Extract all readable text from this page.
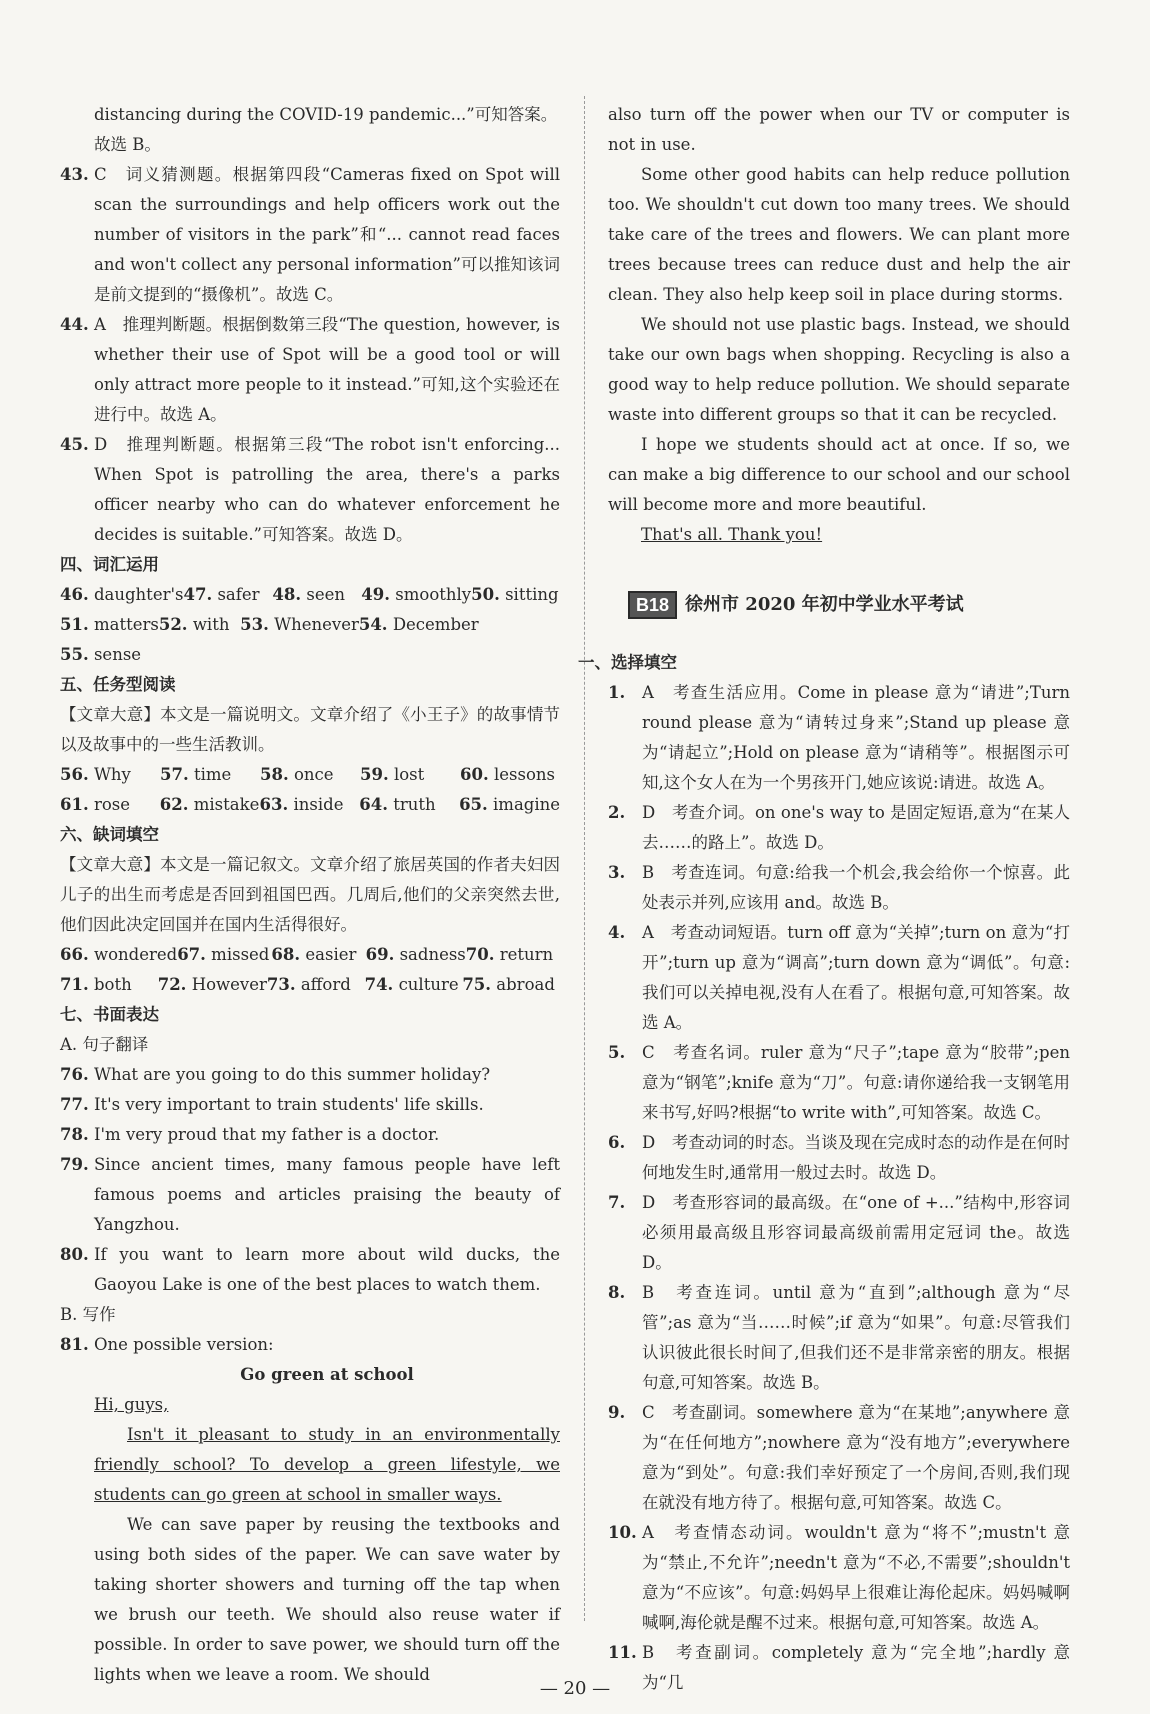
distancing during the COVID-19 pandemic...”可知答案。

故选 B。

43. C　词义猜测题。根据第四段“Cameras fixed on Spot will scan the surroundings and help officers work out the number of visitors in the park”和“... cannot read faces and won't collect any personal information”可以推知该词是前文提到的“摄像机”。故选 C。
44. A　推理判断题。根据倒数第三段“The question, however, is whether their use of Spot will be a good tool or will only attract more people to it instead.”可知,这个实验还在进行中。故选 A。
45. D　推理判断题。根据第三段“The robot isn't enforcing... When Spot is patrolling the area, there's a parks officer nearby who can do whatever enforcement he decides is suitable.”可知答案。故选 D。

四、词汇运用

46. daughter's 47. safer 48. seen 49. smoothly 50. sitting
51. matters 52. with 53. Whenever 54. December
55. sense

五、任务型阅读

【文章大意】本文是一篇说明文。文章介绍了《小王子》的故事情节以及故事中的一些生活教训。

56. Why	57. time	58. once	59. lost	60. lessons
61. rose	62. mistake 63. inside 64. truth	65. imagine

六、缺词填空

【文章大意】本文是一篇记叙文。文章介绍了旅居英国的作者夫妇因儿子的出生而考虑是否回到祖国巴西。几周后,他们的父亲突然去世,他们因此决定回国并在国内生活得很好。

66. wondered 67. missed 68. easier 69. sadness 70. return
71. both	72. However 73. afford 74. culture 75. abroad

七、书面表达

A. 句子翻译

76. What are you going to do this summer holiday?
77. It's very important to train students' life skills.
78. I'm very proud that my father is a doctor.
79. Since ancient times, many famous people have left famous poems and articles praising the beauty of Yangzhou.
80. If you want to learn more about wild ducks, the Gaoyou Lake is one of the best places to watch them.

B. 写作

81. One possible version:

Go green at school

Hi, guys,

Isn't it pleasant to study in an environmentally friendly school? To develop a green lifestyle, we students can go green at school in smaller ways.

We can save paper by reusing the textbooks and using both sides of the paper. We can save water by taking shorter showers and turning off the tap when we brush our teeth. We should also reuse water if possible. In order to save power, we should turn off the lights when we leave a room. We should

also turn off the power when our TV or computer is not in use.

Some other good habits can help reduce pollution too. We shouldn't cut down too many trees. We should take care of the trees and flowers. We can plant more trees because trees can reduce dust and help the air clean. They also help keep soil in place during storms.

We should not use plastic bags. Instead, we should take our own bags when shopping. Recycling is also a good way to help reduce pollution. We should separate waste into different groups so that it can be recycled.

I hope we students should act at once. If so, we can make a big difference to our school and our school will become more and more beautiful.

That's all. Thank you!

B18 徐州市 2020 年初中学业水平考试

一、选择填空

1.	A　考查生活应用。Come in please 意为“请进”;Turn round please 意为“请转过身来”;Stand up please 意为“请起立”;Hold on please 意为“请稍等”。根据图示可知,这个女人在为一个男孩开门,她应该说:请进。故选 A。
2.	D　考查介词。on one's way to 是固定短语,意为“在某人去……的路上”。故选 D。
3.	B　考查连词。句意:给我一个机会,我会给你一个惊喜。此处表示并列,应该用 and。故选 B。
4.	A　考查动词短语。turn off 意为“关掉”;turn on 意为“打开”;turn up 意为“调高”;turn down 意为“调低”。句意:我们可以关掉电视,没有人在看了。根据句意,可知答案。故选 A。
5.	C　考查名词。ruler 意为“尺子”;tape 意为“胶带”;pen 意为“钢笔”;knife 意为“刀”。句意:请你递给我一支钢笔用来书写,好吗?根据“to write with”,可知答案。故选 C。
6.	D　考查动词的时态。当谈及现在完成时态的动作是在何时何地发生时,通常用一般过去时。故选 D。
7.	D　考查形容词的最高级。在“one of +...”结构中,形容词必须用最高级且形容词最高级前需用定冠词 the。故选 D。
8.	B　考查连词。until 意为“直到”;although 意为“尽管”;as 意为“当……时候”;if 意为“如果”。句意:尽管我们认识彼此很长时间了,但我们还不是非常亲密的朋友。根据句意,可知答案。故选 B。
9.	C　考查副词。somewhere 意为“在某地”;anywhere 意为“在任何地方”;nowhere 意为“没有地方”;everywhere 意为“到处”。句意:我们幸好预定了一个房间,否则,我们现在就没有地方待了。根据句意,可知答案。故选 C。
10. A　考查情态动词。wouldn't 意为“将不”;mustn't 意为“禁止,不允许”;needn't 意为“不必,不需要”;shouldn't 意为“不应该”。句意:妈妈早上很难让海伦起床。妈妈喊啊喊啊,海伦就是醒不过来。根据句意,可知答案。故选 A。
11. B　考查副词。completely 意为“完全地”;hardly 意为“几
— 20 —
